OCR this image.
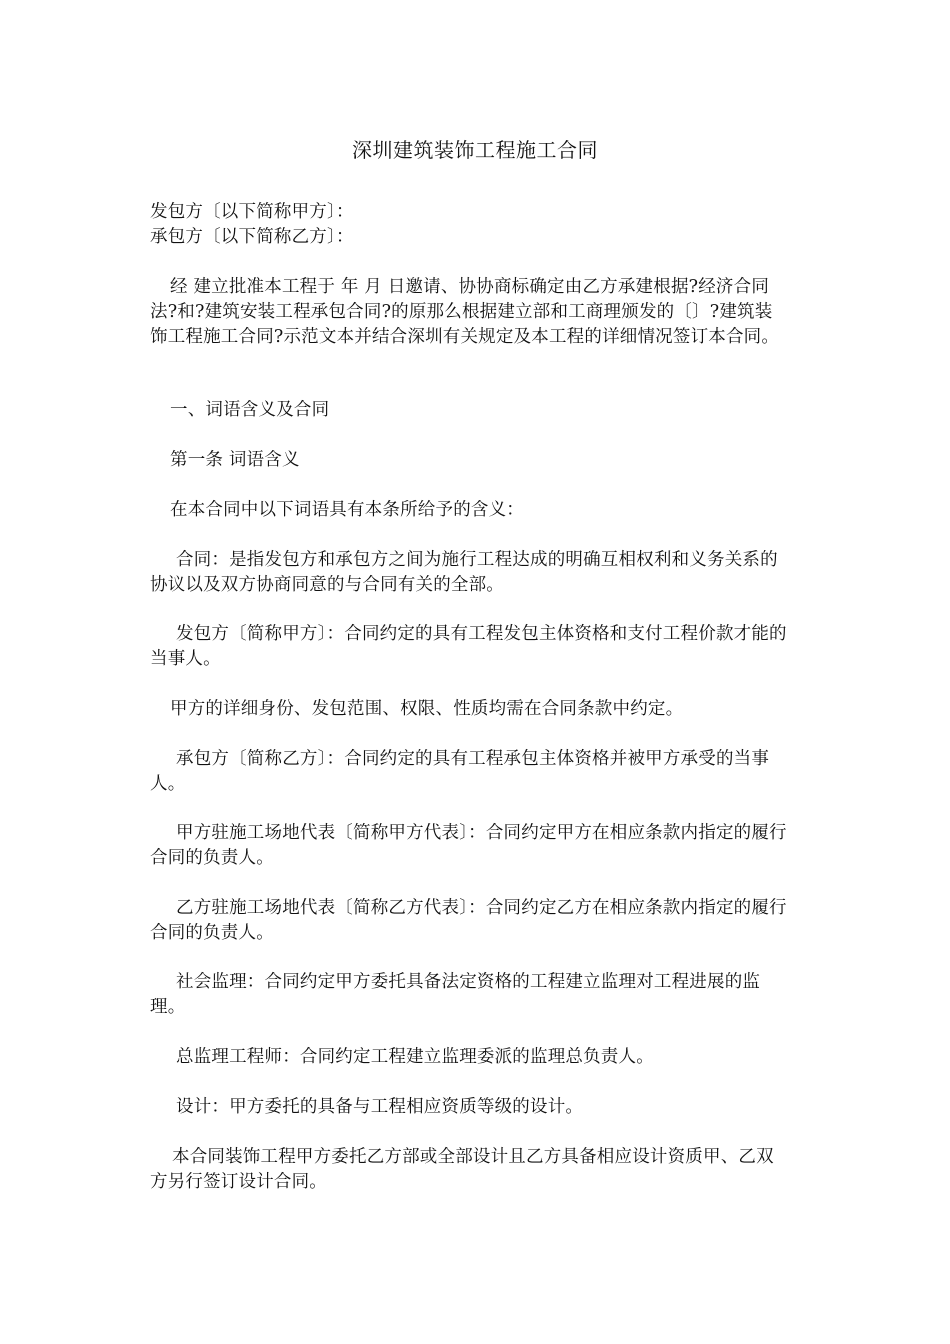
深圳建筑装饰工程施工合同
发包方〔以下简称甲方〕：
承包方〔以下简称乙方〕：
经 建立批准本工程于 年 月 日邀请、协协商标确定由乙方承建根据?经济合同法?和?建筑安装工程承包合同?的原那么根据建立部和工商理颁发的〔〕?建筑装饰工程施工合同?示范文本并结合深圳有关规定及本工程的详细情况签订本合同。
一、词语含义及合同
第一条 词语含义
在本合同中以下词语具有本条所给予的含义：
合同：是指发包方和承包方之间为施行工程达成的明确互相权利和义务关系的协议以及双方协商同意的与合同有关的全部。
发包方〔简称甲方〕：合同约定的具有工程发包主体资格和支付工程价款才能的当事人。
甲方的详细身份、发包范围、权限、性质均需在合同条款中约定。
承包方〔简称乙方〕：合同约定的具有工程承包主体资格并被甲方承受的当事人。
甲方驻施工场地代表〔简称甲方代表〕：合同约定甲方在相应条款内指定的履行合同的负责人。
乙方驻施工场地代表〔简称乙方代表〕：合同约定乙方在相应条款内指定的履行合同的负责人。
社会监理：合同约定甲方委托具备法定资格的工程建立监理对工程进展的监理。
总监理工程师：合同约定工程建立监理委派的监理总负责人。
设计：甲方委托的具备与工程相应资质等级的设计。
本合同装饰工程甲方委托乙方部或全部设计且乙方具备相应设计资质甲、乙双方另行签订设计合同。
